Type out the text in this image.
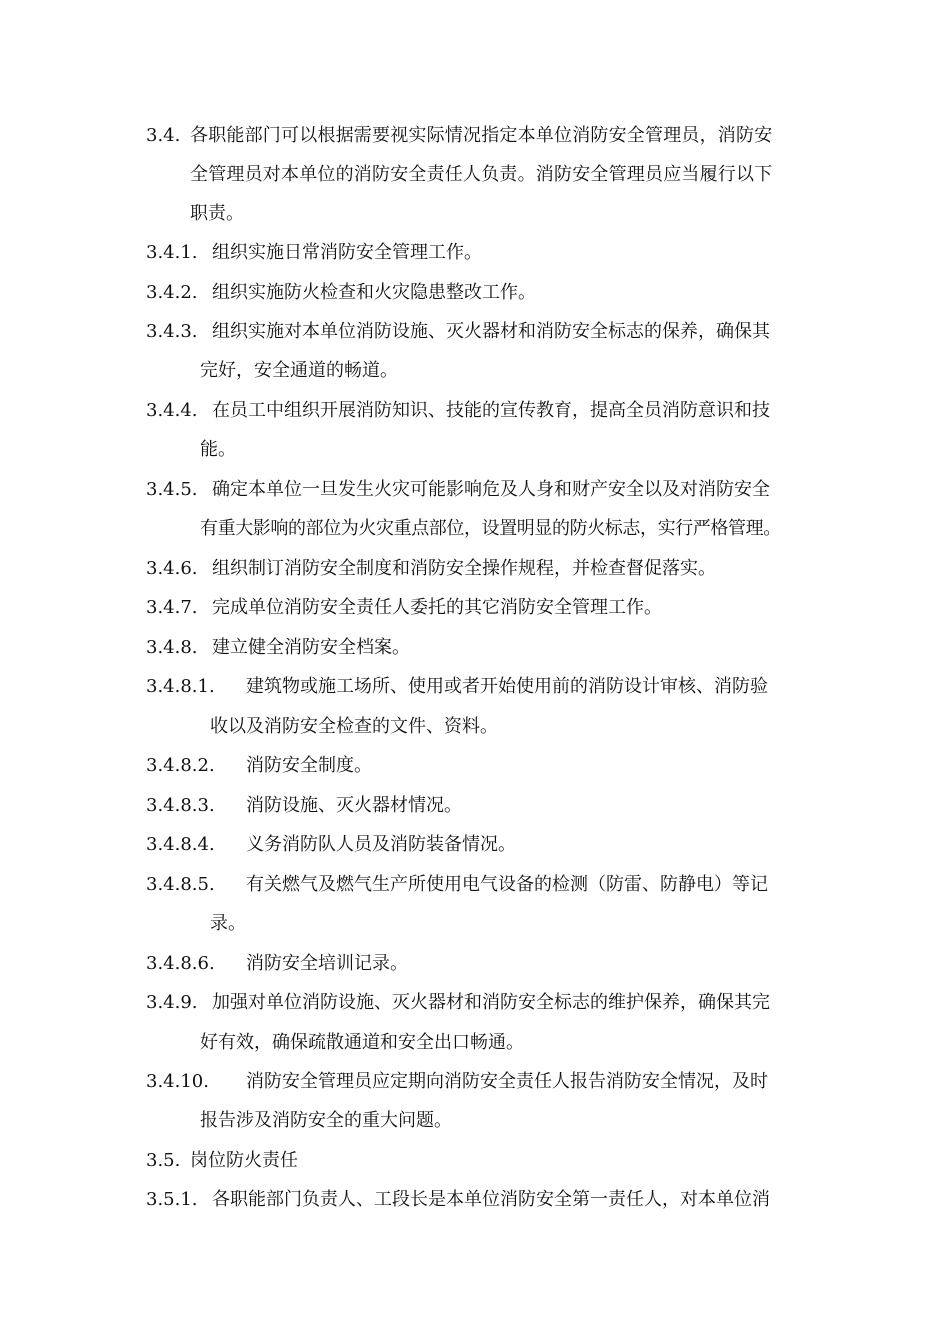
3.4. 各职能部门可以根据需要视实际情况指定本单位消防安全管理员，消防安
全管理员对本单位的消防安全责任人负责。消防安全管理员应当履行以下
职责。
3.4.1. 组织实施日常消防安全管理工作。
3.4.2. 组织实施防火检查和火灾隐患整改工作。
3.4.3. 组织实施对本单位消防设施、灭火器材和消防安全标志的保养，确保其
完好，安全通道的畅道。
3.4.4. 在员工中组织开展消防知识、技能的宣传教育，提高全员消防意识和技
能。
3.4.5. 确定本单位一旦发生火灾可能影响危及人身和财产安全以及对消防安全
有重大影响的部位为火灾重点部位，设置明显的防火标志，实行严格管理。
3.4.6. 组织制订消防安全制度和消防安全操作规程，并检查督促落实。
3.4.7. 完成单位消防安全责任人委托的其它消防安全管理工作。
3.4.8. 建立健全消防安全档案。
3.4.8.1. 建筑物或施工场所、使用或者开始使用前的消防设计审核、消防验
收以及消防安全检查的文件、资料。
3.4.8.2. 消防安全制度。
3.4.8.3. 消防设施、灭火器材情况。
3.4.8.4. 义务消防队人员及消防装备情况。
3.4.8.5. 有关燃气及燃气生产所使用电气设备的检测（防雷、防静电）等记
录。
3.4.8.6. 消防安全培训记录。
3.4.9. 加强对单位消防设施、灭火器材和消防安全标志的维护保养，确保其完
好有效，确保疏散通道和安全出口畅通。
3.4.10. 消防安全管理员应定期向消防安全责任人报告消防安全情况，及时
报告涉及消防安全的重大问题。
3.5. 岗位防火责任
3.5.1. 各职能部门负责人、工段长是本单位消防安全第一责任人，对本单位消
